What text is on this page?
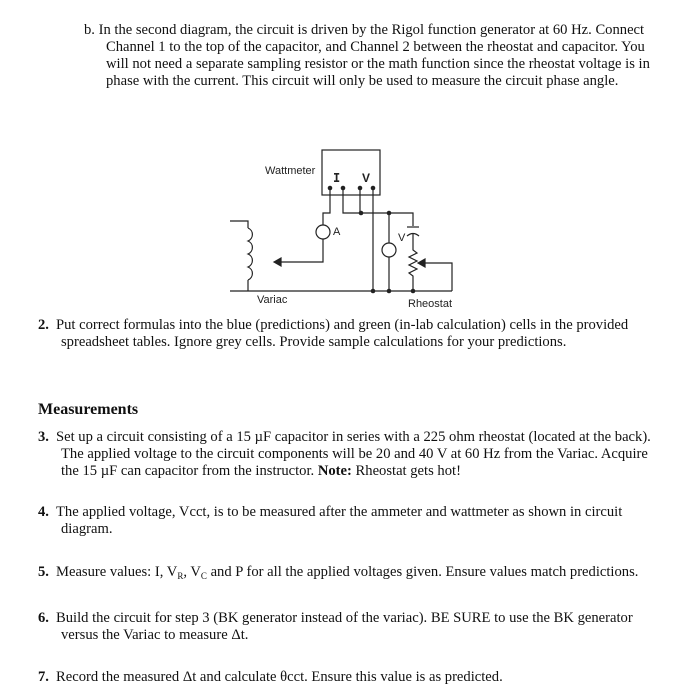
b. In the second diagram, the circuit is driven by the Rigol function generator at 60 Hz. Connect
Channel 1 to the top of the capacitor, and Channel 2 between the rheostat and capacitor. You
will not need a separate sampling resistor or the math function since the rheostat voltage is in
phase with the current. This circuit will only be used to measure the circuit phase angle.
Wattmeter I V
A	V
Variac	Rheostat
2. Put correct formulas into the blue (predictions) and green (in-lab calculation) cells in the provided
spreadsheet tables. Ignore grey cells. Provide sample calculations for your predictions.
Measurements
3. Set up a circuit consisting of a 15 µF capacitor in series with a 225 ohm rheostat (located at the back).
The applied voltage to the circuit components will be 20 and 40 V at 60 Hz from the Variac. Acquire
the 15 µF can capacitor from the instructor. Note: Rheostat gets hot!
4. The applied voltage, Vcct, is to be measured after the ammeter and wattmeter as shown in circuit
diagram.
5. Measure values: I, $V_R$, $V_C$ and P for all the applied voltages given. Ensure values match predictions.
6. Build the circuit for step 3 (BK generator instead of the variac). BE SURE to use the BK generator
versus the Variac to measure Δt.
7. Record the measured Δt and calculate θcct. Ensure this value is as predicted.
